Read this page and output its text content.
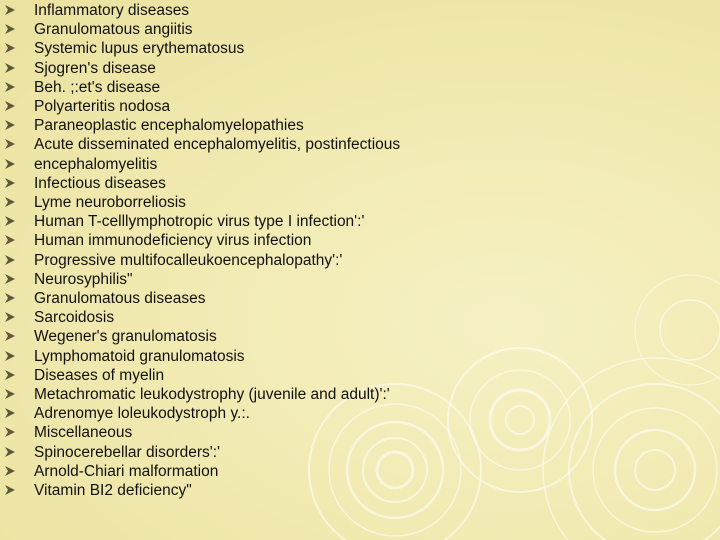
Inflammatory diseases
Granulomatous angiitis
Systemic lupus erythematosus
Sjogren's disease
Beh. ;:et's disease
Polyarteritis nodosa
Paraneoplastic encephalomyelopathies
Acute disseminated encephalomyelitis, postinfectious
encephalomyelitis
Infectious diseases
Lyme neuroborreliosis
Human T-celllymphotropic virus type I infection':'
Human immunodeficiency virus infection
Progressive multifocalleukoencephalopathy':'
Neurosyphilis"
Granulomatous diseases
Sarcoidosis
Wegener's granulomatosis
Lymphomatoid granulomatosis
Diseases of myelin
Metachromatic leukodystrophy (juvenile and adult)':'
Adrenomye loleukodystroph y.:.
Miscellaneous
Spinocerebellar disorders':'
Arnold-Chiari malformation
Vitamin BI2 deficiency"
